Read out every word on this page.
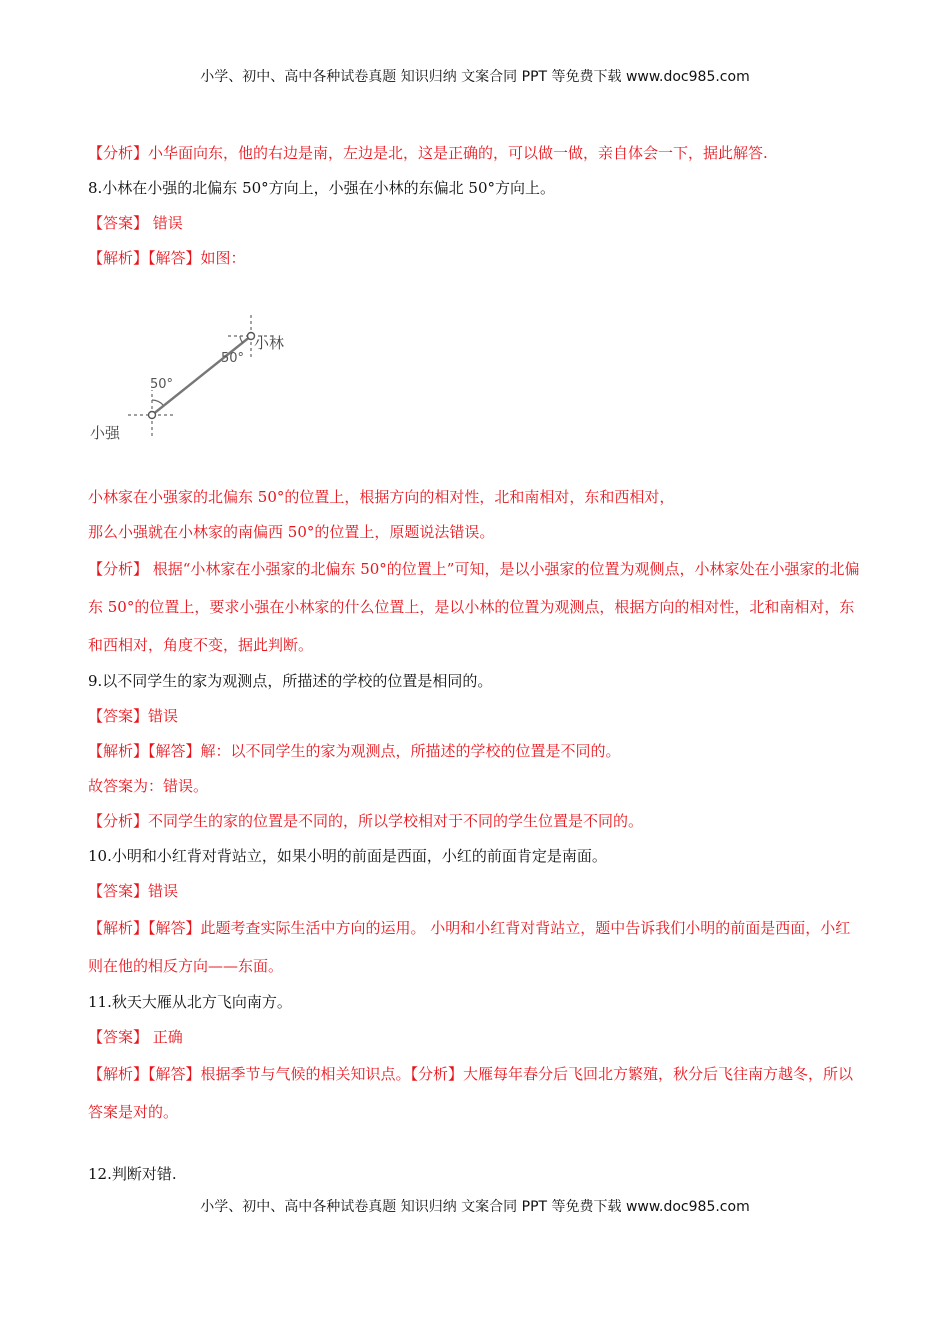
小学、初中、高中各种试卷真题 知识归纳 文案合同 PPT 等免费下载 www.doc985.com
【分析】小华面向东，他的右边是南，左边是北，这是正确的，可以做一做，亲自体会一下，据此解答.
8.小林在小强的北偏东 50°方向上，小强在小林的东偏北 50°方向上。
【答案】 错误
【解析】【解答】如图：
50°
50°
小林
小强
小林家在小强家的北偏东 50°的位置上，根据方向的相对性，北和南相对，东和西相对，
那么小强就在小林家的南偏西 50°的位置上，原题说法错误。
【分析】 根据“小林家在小强家的北偏东 50°的位置上”可知，是以小强家的位置为观侧点，小林家处在小强家的北偏东 50°的位置上，要求小强在小林家的什么位置上，是以小林的位置为观测点，根据方向的相对性，北和南相对，东和西相对，角度不变，据此判断。
9.以不同学生的家为观测点，所描述的学校的位置是相同的。
【答案】错误
【解析】【解答】解：以不同学生的家为观测点，所描述的学校的位置是不同的。
故答案为：错误。
【分析】不同学生的家的位置是不同的，所以学校相对于不同的学生位置是不同的。
10.小明和小红背对背站立，如果小明的前面是西面，小红的前面肯定是南面。
【答案】错误
【解析】【解答】此题考查实际生活中方向的运用。 小明和小红背对背站立，题中告诉我们小明的前面是西面，小红则在他的相反方向——东面。
11.秋天大雁从北方飞向南方。
【答案】 正确
【解析】【解答】根据季节与气候的相关知识点。【分析】大雁每年春分后飞回北方繁殖，秋分后飞往南方越冬，所以答案是对的。
12.判断对错.
小学、初中、高中各种试卷真题 知识归纳 文案合同 PPT 等免费下载 www.doc985.com
